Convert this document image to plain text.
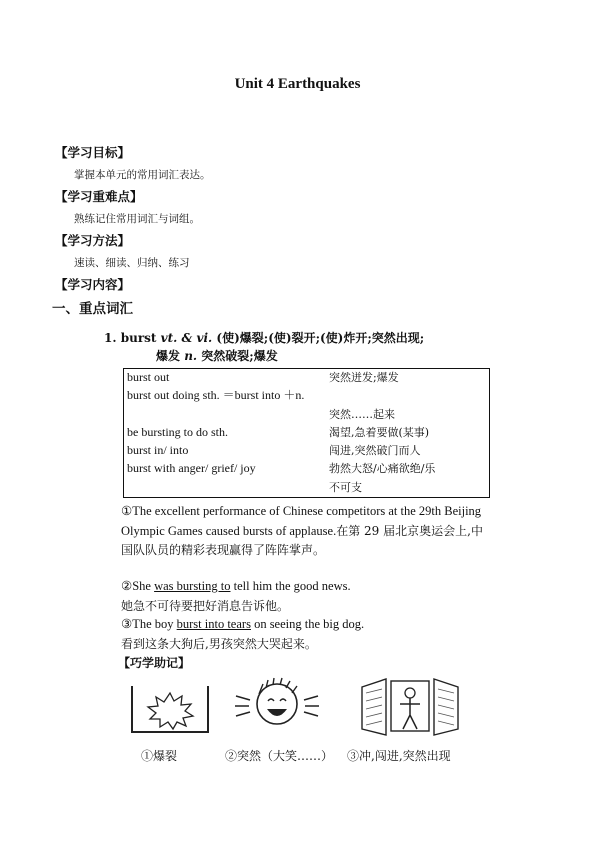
Unit 4 Earthquakes
【学习目标】
掌握本单元的常用词汇表达。
【学习重难点】
熟练记住常用词汇与词组。
【学习方法】
速读、细读、归纳、练习
【学习内容】
一、重点词汇
1. burst vt. & vi. (使)爆裂;(使)裂开;(使)炸开;突然出现;
爆发 n. 突然破裂;爆发
burst out	突然迸发;爆发
burst out doing sth. ＝burst into ＋n.	
	突然……起来
be bursting to do sth.	渴望,急着要做(某事)
burst in/ into	闯进,突然破门而人
burst with anger/ grief/ joy	勃然大怒/心痛欲绝/乐
	不可支
①The excellent performance of Chinese competitors at the 29th Beijing Olympic Games caused bursts of applause.在第 29 届北京奥运会上,中国队队员的精彩表现赢得了阵阵掌声。
②She was bursting to tell him the good news.
她急不可待要把好消息告诉他。
③The boy burst into tears on seeing the big dog.
看到这条大狗后,男孩突然大哭起来。
【巧学助记】
①爆裂	②突然（大笑……） ③冲,闯进,突然出现
